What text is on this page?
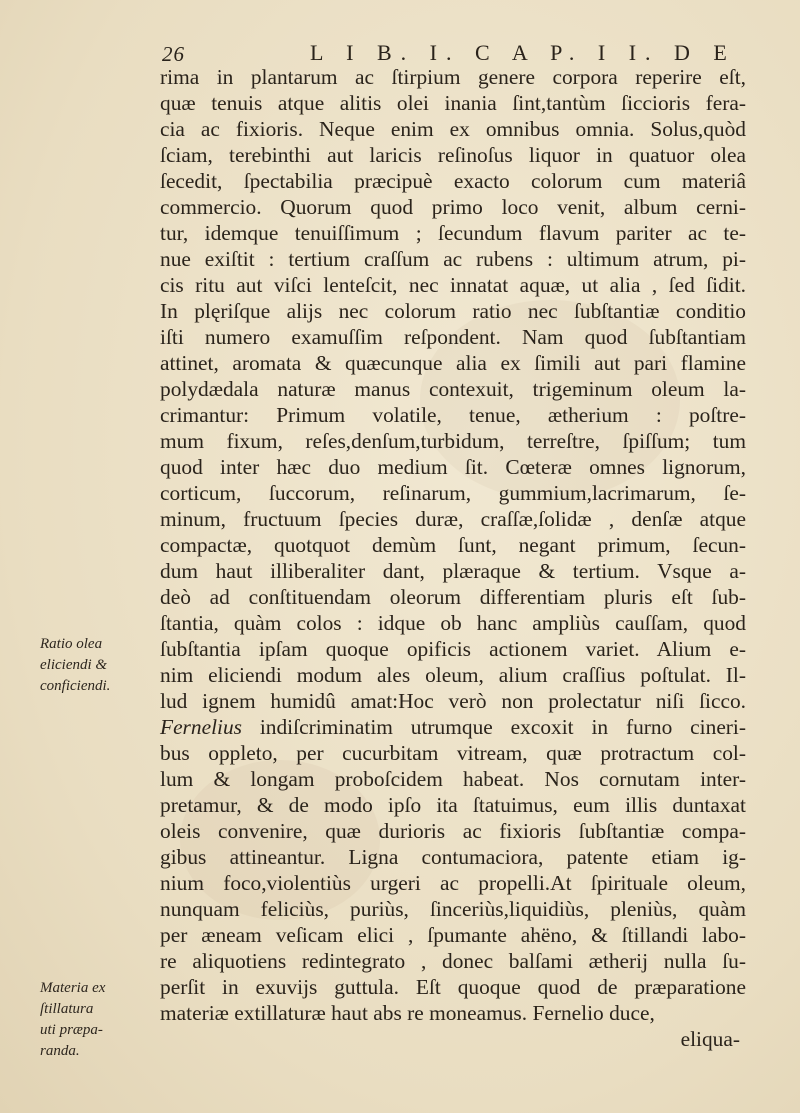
26	L I B. I. C A P. I I. D E
rima in plantarum ac ſtirpium genere corpora reperire eſt,
quæ tenuis atque alitis olei inania ſint,tantùm ſiccioris fera-
cia ac fixioris. Neque enim ex omnibus omnia. Solus,quòd
ſciam, terebinthi aut laricis reſinoſus liquor in quatuor olea
ſecedit, ſpectabilia præcipuè exacto colorum cum materiâ
commercio. Quorum quod primo loco venit, album cerni-
tur, idemque tenuiſſimum ; ſecundum flavum pariter ac te-
nue exiſtit : tertium craſſum ac rubens : ultimum atrum, pi-
cis ritu aut viſci lenteſcit, nec innatat aquæ, ut alia , ſed ſidit.
In plęriſque alijs nec colorum ratio nec ſubſtantiæ conditio
iſti numero examuſſim reſpondent. Nam quod ſubſtantiam
attinet, aromata & quæcunque alia ex ſimili aut pari flamine
polydædala naturæ manus contexuit, trigeminum oleum la-
crimantur: Primum volatile, tenue, ætherium : poſtre-
mum fixum, reſes,denſum,turbidum, terreſtre, ſpiſſum; tum
quod inter hæc duo medium ſit. Cœteræ omnes lignorum,
corticum, ſuccorum, reſinarum, gummium,lacrimarum, ſe-
minum, fructuum ſpecies duræ, craſſæ,ſolidæ , denſæ atque
compactæ, quotquot demùm ſunt, negant primum, ſecun-
dum haut illiberaliter dant, plæraque & tertium. Vsque a-
deò ad conſtituendam oleorum differentiam pluris eſt ſub-
ſtantia, quàm colos : idque ob hanc ampliùs cauſſam, quod
ſubſtantia ipſam quoque opificis actionem variet. Alium e-
nim eliciendi modum ales oleum, alium craſſius poſtulat. Il-
lud ignem humidû amat:Hoc verò non prolectatur niſi ſicco.
Fernelius indiſcriminatim utrumque excoxit in furno cineri-
bus oppleto, per cucurbitam vitream, quæ protractum col-
lum & longam proboſcidem habeat. Nos cornutam inter-
pretamur, & de modo ipſo ita ſtatuimus, eum illis duntaxat
oleis convenire, quæ durioris ac fixioris ſubſtantiæ compa-
gibus attineantur. Ligna contumaciora, patente etiam ig-
nium foco,violentiùs urgeri ac propelli.At ſpirituale oleum,
nunquam feliciùs, puriùs, ſinceriùs,liquidiùs, pleniùs, quàm
per æneam veſicam elici , ſpumante ahëno, & ſtillandi labo-
re aliquotiens redintegrato , donec balſami ætherij nulla ſu-
perſit in exuvijs guttula. Eſt quoque quod de præparatione
materiæ extillaturæ haut abs re moneamus. Fernelio duce,
eliqua-
Ratio olea
eliciendi &
conficiendi.
Materia ex
ſtillatura
uti præpa-
randa.
